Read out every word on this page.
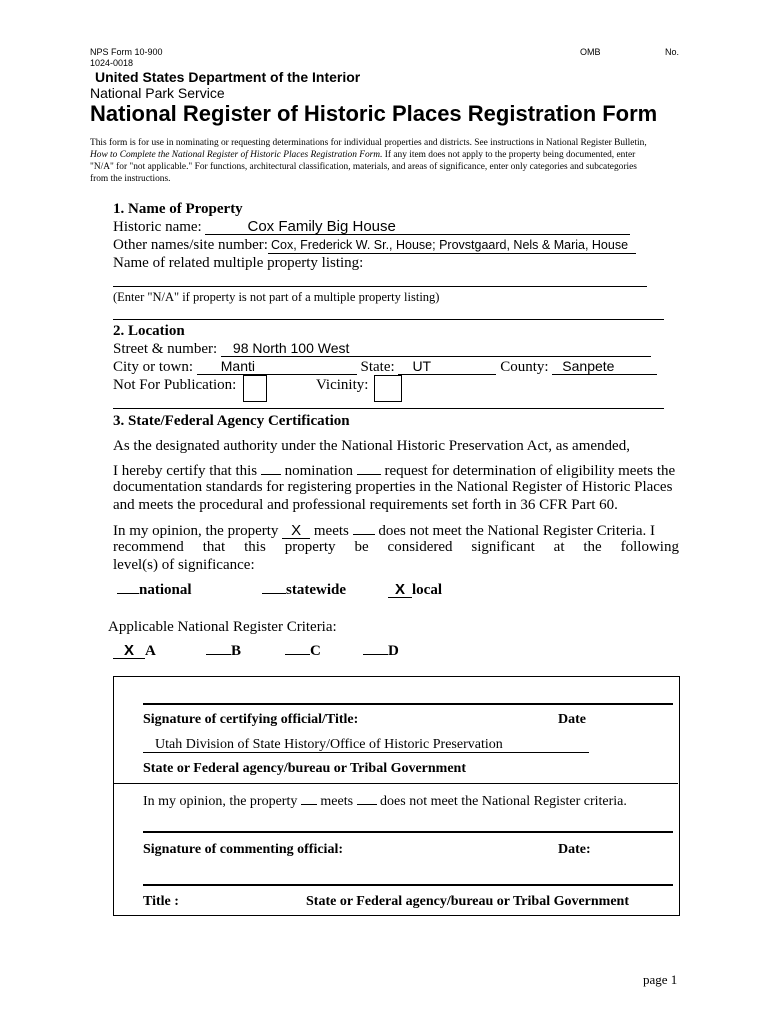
NPS Form 10-900	OMB	No.
1024-0018
United States Department of the Interior
National Park Service
National Register of Historic Places Registration Form
This form is for use in nominating or requesting determinations for individual properties and districts. See instructions in National Register Bulletin,
How to Complete the National Register of Historic Places Registration Form. If any item does not apply to the property being documented, enter
"N/A" for "not applicable." For functions, architectural classification, materials, and areas of significance, enter only categories and subcategories
from the instructions.
1. Name of Property
Historic name:	Cox Family Big House
Other names/site number: Cox, Frederick W. Sr., House; Provstgaard, Nels & Maria, House
Name of related multiple property listing:
(Enter "N/A" if property is not part of a multiple property listing)
2. Location
Street & number: 98 North 100 West
City or town: Manti	State: UT	County: Sanpete
Not For Publication:	Vicinity:
3. State/Federal Agency Certification
As the designated authority under the National Historic Preservation Act, as amended,
I hereby certify that this nomination request for determination of eligibility meets the
documentation standards for registering properties in the National Register of Historic Places
and meets the procedural and professional requirements set forth in 36 CFR Part 60.
In my opinion, the property X meets does not meet the National Register Criteria. I
recommend that this property be considered significant at the following
level(s) of significance:
national	statewide	X local
Applicable National Register Criteria:
X A	B	C	D
Signature of certifying official/Title:	Date
Utah Division of State History/Office of Historic Preservation
State or Federal agency/bureau or Tribal Government
In my opinion, the property meets does not meet the National Register criteria.
Signature of commenting official:	Date:
Title :	State or Federal agency/bureau or Tribal Government
page 1
